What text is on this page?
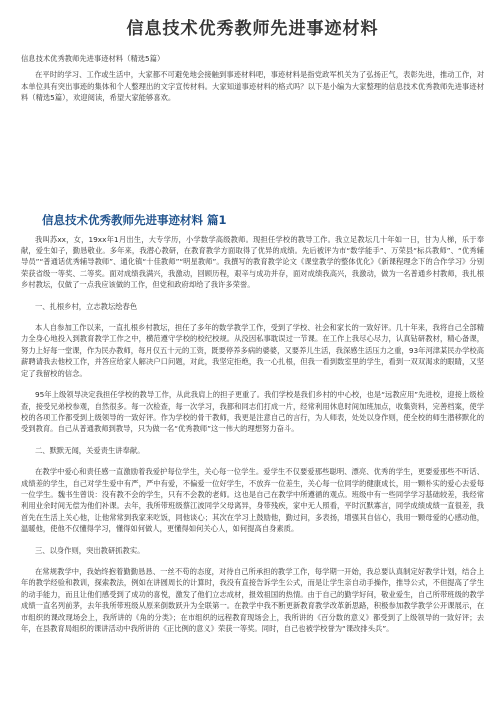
信息技术优秀教师先进事迹材料

信息技术优秀教师先进事迹材料（精选5篇）

在平时的学习、工作或生活中，大家都不可避免地会接触到事迹材料吧，事迹材料是指党政军机关为了弘扬正气，表彰先进，推动工作，对本单位具有突出事迹的集体和个人整理出的文字宣传材料。大家知道事迹材料的格式吗？以下是小编为大家整理的信息技术优秀教师先进事迹材料（精选5篇），欢迎阅读，希望大家能够喜欢。

信息技术优秀教师先进事迹材料 篇1

我叫苏xx，女，19xx年1月出生，大专学历，小学数学高级教师。现担任学校的教导工作。我立足教坛几十年如一日，甘为人梯，乐于奉献，爱生如子，勤恳敬业。多年来，我潜心教研，在教育教学方面取得了优异的成绩。先后被评为市“数学能手”、万荣县“标兵教师”、“优秀辅导员”“普通话优秀辅导教师”、通化镇“十佳教师”“明星教师”。我撰写的教育教学论文《课堂教学的整体优化》《新课程理念下的合作学习》分别荣获省级一等奖、二等奖。面对成绩我满兴，我激动，回顾历程，艰辛与成功并存，面对成绩我高兴，我激动，做为一名普通乡村教师，我扎根乡村教坛，仅做了一点我应该做的工作，但党和政府却给了我许多荣誉。

一、扎根乡村，立志教坛绘春色

本人自参加工作以来，一直扎根乡村教坛，担任了多年的数学教学工作，受到了学校、社会和家长的一致好评。几十年来，我将自己全部精力全身心地投入到教育教学工作之中，横范遵守学校的校纪校规。从没因私事耽误过一节课。在工作上我尽心尽力，认真钻研教材，精心备课，努力上好每一堂课，作为民办教师，每月仅五十元的工资，既要停养多病的婆婆，又要养儿生活，我深感生活压力之重，93年河津某民办学校高薪聘请我去他校工作，并答应给家人解决户口问题，对此，我坚定拒绝，我一心扎根，但我一看到数室里的学生，看到一双双渴求的眼睛，又坚定了我留校的信念。

95年上级领导决定我担任学校的教导工作，从此我肩上的担子更重了。我们学校是我们乡村的中心校，也是“远教应用”先进校，迎接上级检查，接受兄弟校参观，自然很多。每一次检查，每一次学习，我都和同志们打成一片，经常利用休息时间加班加点，收集资料，完善档案，使学校的各项工作都受到上级领导的一致好评。作为学校的骨干教师，我更是注意自己的言行，为人师表，处处以身作则，使全校的师生潜移默化的受到教育。自己从普通教师到教导，只为做一名“优秀教师”这一伟大的理想努力奋斗。

二、默默无闻，关爱责生讲奉献。

在教学中爱心和责任感一直激励着我爱护每位学生，关心每一位学生。爱学生不仅要爱那些聪明、漂亮、优秀的学生，更要爱那些不听话、成绩差的学生，自己对学生爱中有严，严中有爱，不偏爱一位好学生，不放弃一位差生，关心每一位同学的健康成长，用一颗朴实的爱心去爱每一位学生。魏书生曾说：没有教不会的学生，只有不会教的老师。这也是自己在教学中所遵循的观点。班级中有一些同学学习基础较差，我经常利用业余时间无偿为他们补课。去年，我所带班级蔡江波同学父母离异，身带残疾，家中无人照看，平时沉默寡言，同学成绩成绩一直很差，我首先在生活上关心他，让他常常到我家来吃饭，同他谈心；其次在学习上鼓励他，勤过问，多表扬，增强其自信心，我用一颗母爱的心感动他，温暖他，使他不仅懂得学习，懂得如何做人，更懂得如何关心人，如何提高自身素质。

三、以身作则，突出教研抓教实。

在常规教学中，我始终抱着勤勤恳恳、一丝不苟的态度，对待自己所承担的教学工作，每学期一开始，我总要认真制定好教学计划，结合上年的教学经验和教训，探索教法，例如在讲圆周长的计算时，我没有直接告诉学生公式，而是让学生亲自动手操作，推导公式，不但提高了学生的动手能力，而且让他们感受到了成功的喜悦，激发了他们立志成材，报效祖国的热情。由于自己的勤学好问，敬业爱生，自己所带班级的教学成绩一直名列前茅，去年我所带班级从原来倒数跃升为全联第一。在教学中我不断更新教育教学改革新思路，积极参加教学教学公开课展示，在市组织的课改现场会上，我所讲的《角的分类》；在市组织的远程教育现场会上，我所讲的《百分数的意义》都受到了上级领导的一致好评；去年，在县教育局组织的课讲活动中我所讲的《正比例的意义》荣获一等奖。同时，自己也被学校誉为“课改排头兵”。
